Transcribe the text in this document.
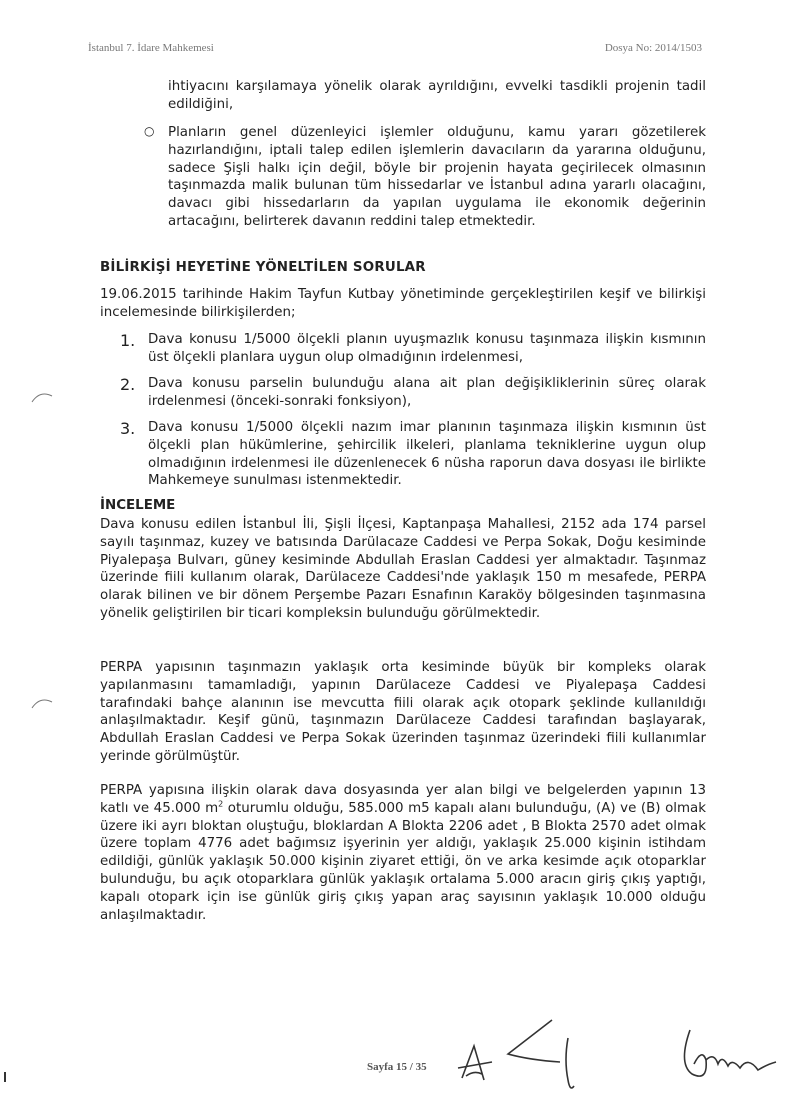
İstanbul 7. İdare Mahkemesi	Dosya No: 2014/1503

ihtiyacını karşılamaya yönelik olarak ayrıldığını, evvelki tasdikli projenin tadil edildiğini,

○ Planların genel düzenleyici işlemler olduğunu, kamu yararı gözetilerek hazırlandığını, iptali talep edilen işlemlerin davacıların da yararına olduğunu, sadece Şişli halkı için değil, böyle bir projenin hayata geçirilecek olmasının taşınmazda malik bulunan tüm hissedarlar ve İstanbul adına yararlı olacağını, davacı gibi hissedarların da yapılan uygulama ile ekonomik değerinin artacağını, belirterek davanın reddini talep etmektedir.

BİLİRKİŞİ HEYETİNE YÖNELTİLEN SORULAR

19.06.2015 tarihinde Hakim Tayfun Kutbay yönetiminde gerçekleştirilen keşif ve bilirkişi incelemesinde bilirkişilerden;

1. Dava konusu 1/5000 ölçekli planın uyuşmazlık konusu taşınmaza ilişkin kısmının üst ölçekli planlara uygun olup olmadığının irdelenmesi,

2. Dava konusu parselin bulunduğu alana ait plan değişikliklerinin süreç olarak irdelenmesi (önceki-sonraki fonksiyon),

3. Dava konusu 1/5000 ölçekli nazım imar planının taşınmaza ilişkin kısmının üst ölçekli plan hükümlerine, şehircilik ilkeleri, planlama tekniklerine uygun olup olmadığının irdelenmesi ile düzenlenecek 6 nüsha raporun dava dosyası ile birlikte Mahkemeye sunulması istenmektedir.

İNCELEME

Dava konusu edilen İstanbul İli, Şişli İlçesi, Kaptanpaşa Mahallesi, 2152 ada 174 parsel sayılı taşınmaz, kuzey ve batısında Darülacaze Caddesi ve Perpa Sokak, Doğu kesiminde Piyalepaşa Bulvarı, güney kesiminde Abdullah Eraslan Caddesi yer almaktadır. Taşınmaz üzerinde fiili kullanım olarak, Darülaceze Caddesi'nde yaklaşık 150 m mesafede, PERPA olarak bilinen ve bir dönem Perşembe Pazarı Esnafının Karaköy bölgesinden taşınmasına yönelik geliştirilen bir ticari kompleksin bulunduğu görülmektedir.

PERPA yapısının taşınmazın yaklaşık orta kesiminde büyük bir kompleks olarak yapılanmasını tamamladığı, yapının Darülaceze Caddesi ve Piyalepaşa Caddesi tarafındaki bahçe alanının ise mevcutta fiili olarak açık otopark şeklinde kullanıldığı anlaşılmaktadır. Keşif günü, taşınmazın Darülaceze Caddesi tarafından başlayarak, Abdullah Eraslan Caddesi ve Perpa Sokak üzerinden taşınmaz üzerindeki fiili kullanımlar yerinde görülmüştür.

PERPA yapısına ilişkin olarak dava dosyasında yer alan bilgi ve belgelerden yapının 13 katlı ve 45.000 $m^2$ oturumlu olduğu, 585.000 m5 kapalı alanı bulunduğu, (A) ve (B) olmak üzere iki ayrı bloktan oluştuğu, bloklardan A Blokta 2206 adet , B Blokta 2570 adet olmak üzere toplam 4776 adet bağımsız işyerinin yer aldığı, yaklaşık 25.000 kişinin istihdam edildiği, günlük yaklaşık 50.000 kişinin ziyaret ettiği, ön ve arka kesimde açık otoparklar bulunduğu, bu açık otoparklara günlük yaklaşık ortalama 5.000 aracın giriş çıkış yaptığı, kapalı otopark için ise günlük giriş çıkış yapan araç sayısının yaklaşık 10.000 olduğu anlaşılmaktadır.

Sayfa 15 / 35
